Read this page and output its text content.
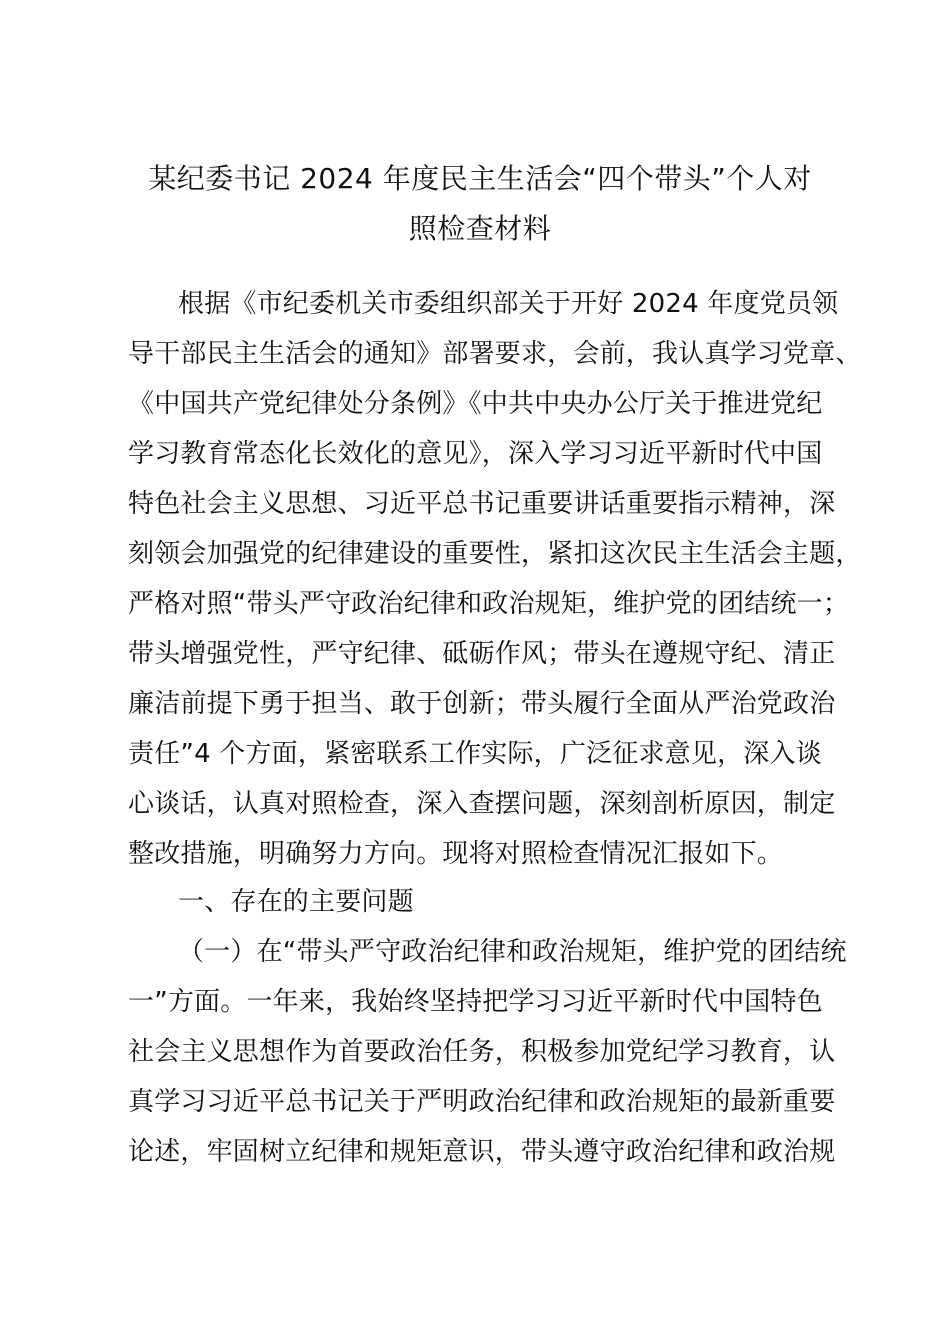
某纪委书记 2024 年度民主生活会“四个带头”个人对
照检查材料
根据《市纪委机关市委组织部关于开好 2024 年度党员领
导干部民主生活会的通知》部署要求，会前，我认真学习党章、
《中国共产党纪律处分条例》《中共中央办公厅关于推进党纪
学习教育常态化长效化的意见》，深入学习习近平新时代中国
特色社会主义思想、习近平总书记重要讲话重要指示精神，深
刻领会加强党的纪律建设的重要性，紧扣这次民主生活会主题，
严格对照“带头严守政治纪律和政治规矩，维护党的团结统一；
带头增强党性，严守纪律、砥砺作风；带头在遵规守纪、清正
廉洁前提下勇于担当、敢于创新；带头履行全面从严治党政治
责任”4 个方面，紧密联系工作实际，广泛征求意见，深入谈
心谈话，认真对照检查，深入查摆问题，深刻剖析原因，制定
整改措施，明确努力方向。现将对照检查情况汇报如下。
一、存在的主要问题
（一）在“带头严守政治纪律和政治规矩，维护党的团结统
一”方面。一年来，我始终坚持把学习习近平新时代中国特色
社会主义思想作为首要政治任务，积极参加党纪学习教育，认
真学习习近平总书记关于严明政治纪律和政治规矩的最新重要
论述，牢固树立纪律和规矩意识，带头遵守政治纪律和政治规
